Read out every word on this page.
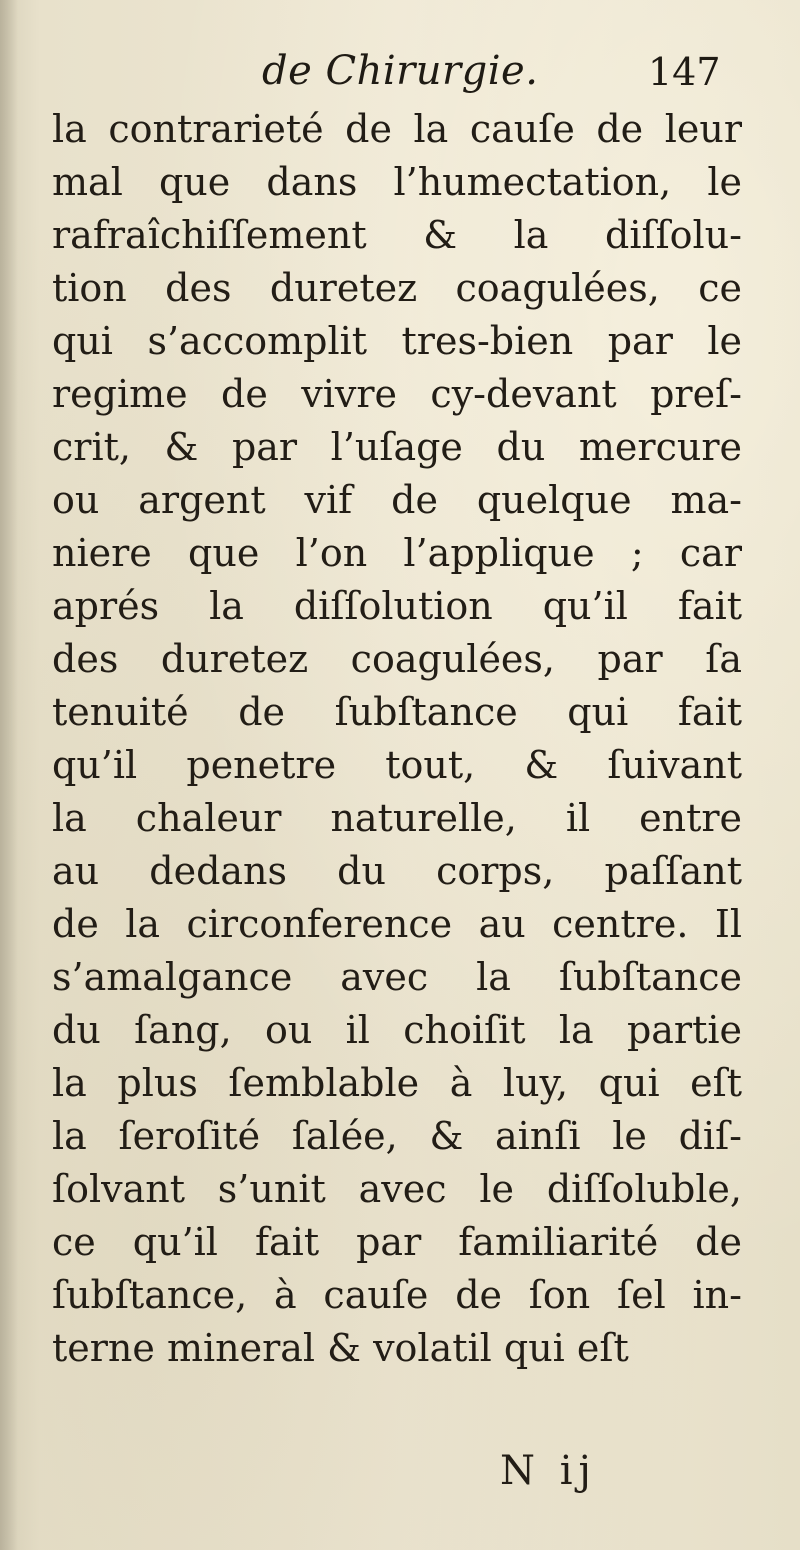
de Chirurgie.	147
la contrarieté de la cauſe de leur
mal que dans l’humectation, le
rafraîchiſſement & la diſſolu-
tion des duretez coagulées, ce
qui s’accomplit tres-bien par le
regime de vivre cy-devant preſ-
crit, & par l’uſage du mercure
ou argent vif de quelque ma-
niere que l’on l’applique ; car
aprés la diſſolution qu’il fait
des duretez coagulées, par ſa
tenuité de ſubſtance qui fait
qu’il penetre tout, & ſuivant
la chaleur naturelle, il entre
au dedans du corps, paſſant
de la circonference au centre. Il
s’amalgance avec la ſubſtance
du ſang, ou il choiſit la partie
la plus ſemblable à luy, qui eſt
la ſeroſité ſalée, & ainſi le diſ-
ſolvant s’unit avec le diſſoluble,
ce qu’il fait par familiarité de
ſubſtance, à cauſe de ſon ſel in-
terne mineral & volatil qui eſt
N ij
